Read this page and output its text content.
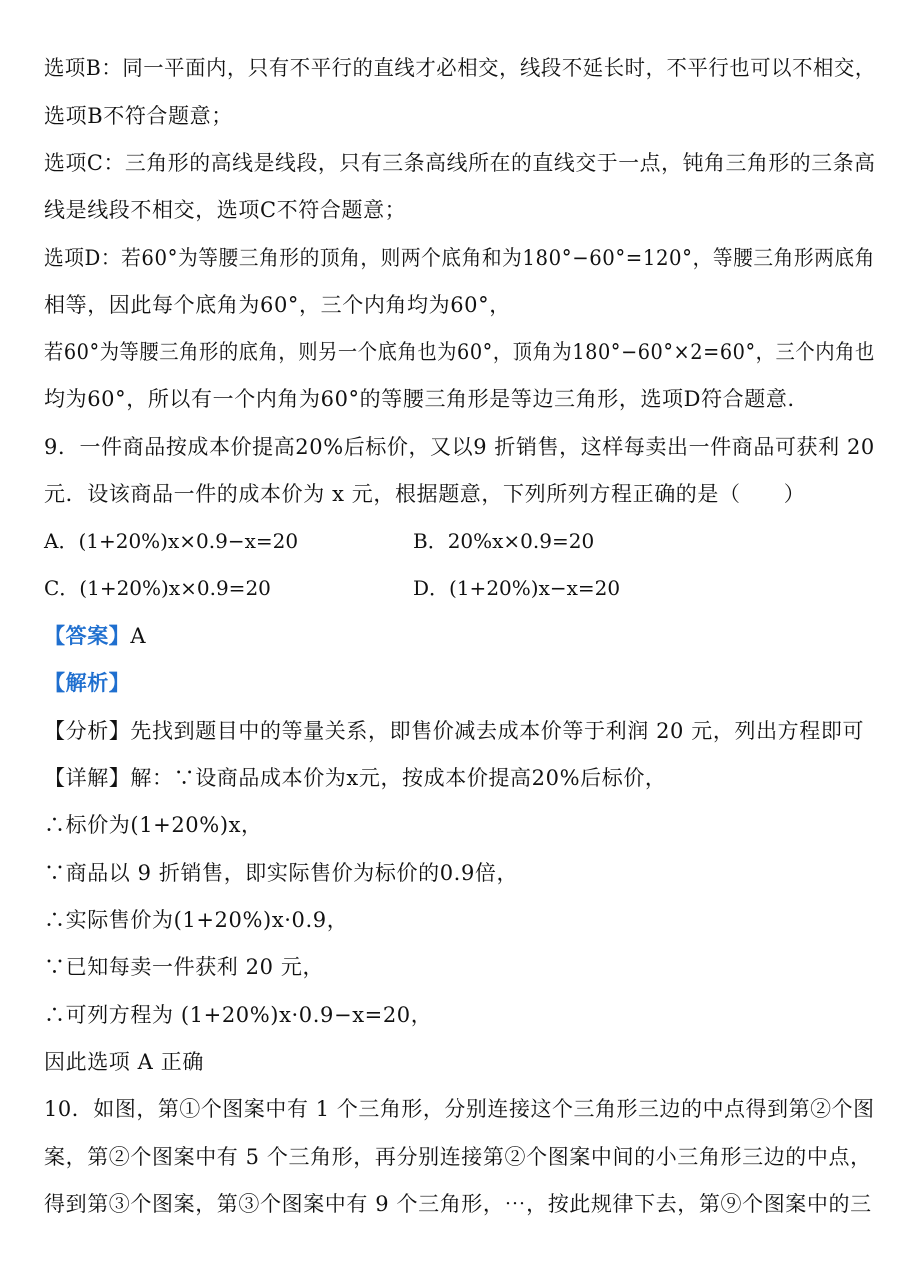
选项B：同一平面内，只有不平行的直线才必相交，线段不延长时，不平行也可以不相交，
选项B不符合题意；
选项C：三角形的高线是线段，只有三条高线所在的直线交于一点，钝角三角形的三条高
线是线段不相交，选项C不符合题意；
选项D：若60°为等腰三角形的顶角，则两个底角和为180°−60°=120°，等腰三角形两底角
相等，因此每个底角为60°，三个内角均为60°，
若60°为等腰三角形的底角，则另一个底角也为60°，顶角为180°−60°×2=60°，三个内角也
均为60°，所以有一个内角为60°的等腰三角形是等边三角形，选项D符合题意．
9．一件商品按成本价提高20%后标价，又以9 折销售，这样每卖出一件商品可获利 20
元．设该商品一件的成本价为 x 元，根据题意，下列所列方程正确的是（　　）
A．(1+20%)x×0.9−x=20	B．20%x×0.9=20
C．(1+20%)x×0.9=20	D．(1+20%)x−x=20
【答案】A
【解析】
【分析】先找到题目中的等量关系，即售价减去成本价等于利润 20 元，列出方程即可
【详解】解：∵设商品成本价为x元，按成本价提高20%后标价，
∴标价为(1+20%)x，
∵商品以 9 折销售，即实际售价为标价的0.9倍，
∴实际售价为(1+20%)x·0.9，
∵已知每卖一件获利 20 元，
∴可列方程为 (1+20%)x·0.9−x=20，
因此选项 A 正确
10．如图，第①个图案中有 1 个三角形，分别连接这个三角形三边的中点得到第②个图
案，第②个图案中有 5 个三角形，再分别连接第②个图案中间的小三角形三边的中点，
得到第③个图案，第③个图案中有 9 个三角形，⋯，按此规律下去，第⑨个图案中的三
